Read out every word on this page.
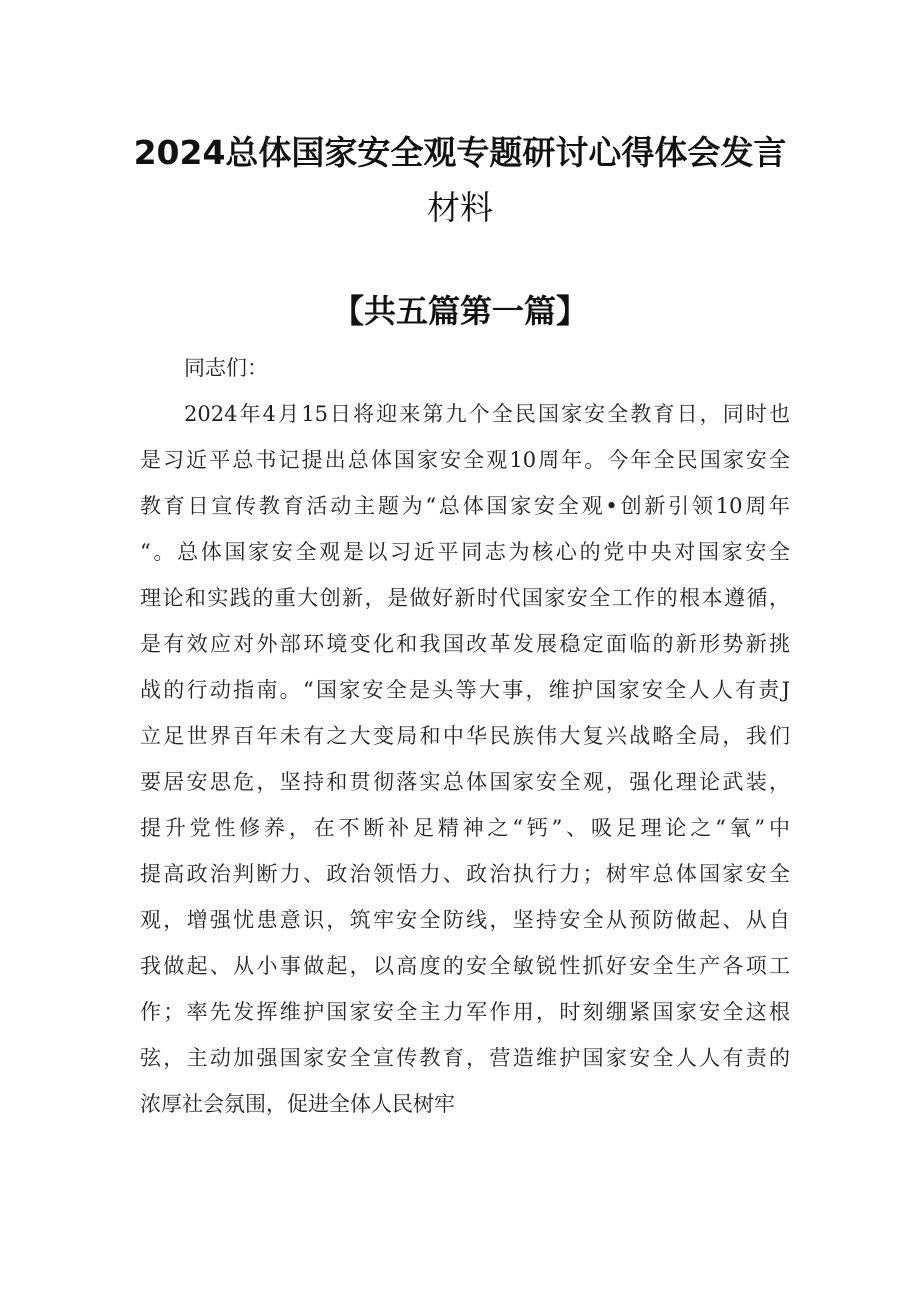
2024总体国家安全观专题研讨心得体会发言
材料
【共五篇第一篇】
同志们：
2024年4月15日将迎来第九个全民国家安全教育日，同时也
是习近平总书记提出总体国家安全观10周年。今年全民国家安全
教育日宣传教育活动主题为“总体国家安全观•创新引领10周年
“。总体国家安全观是以习近平同志为核心的党中央对国家安全
理论和实践的重大创新，是做好新时代国家安全工作的根本遵循，
是有效应对外部环境变化和我国改革发展稳定面临的新形势新挑
战的行动指南。“国家安全是头等大事，维护国家安全人人有责J
立足世界百年未有之大变局和中华民族伟大复兴战略全局，我们
要居安思危，坚持和贯彻落实总体国家安全观，强化理论武装，
提升党性修养，在不断补足精神之“钙”、吸足理论之“氧”中
提高政治判断力、政治领悟力、政治执行力；树牢总体国家安全
观，增强忧患意识，筑牢安全防线，坚持安全从预防做起、从自
我做起、从小事做起，以高度的安全敏锐性抓好安全生产各项工
作；率先发挥维护国家安全主力军作用，时刻绷紧国家安全这根
弦，主动加强国家安全宣传教育，营造维护国家安全人人有责的
浓厚社会氛围，促进全体人民树牢
